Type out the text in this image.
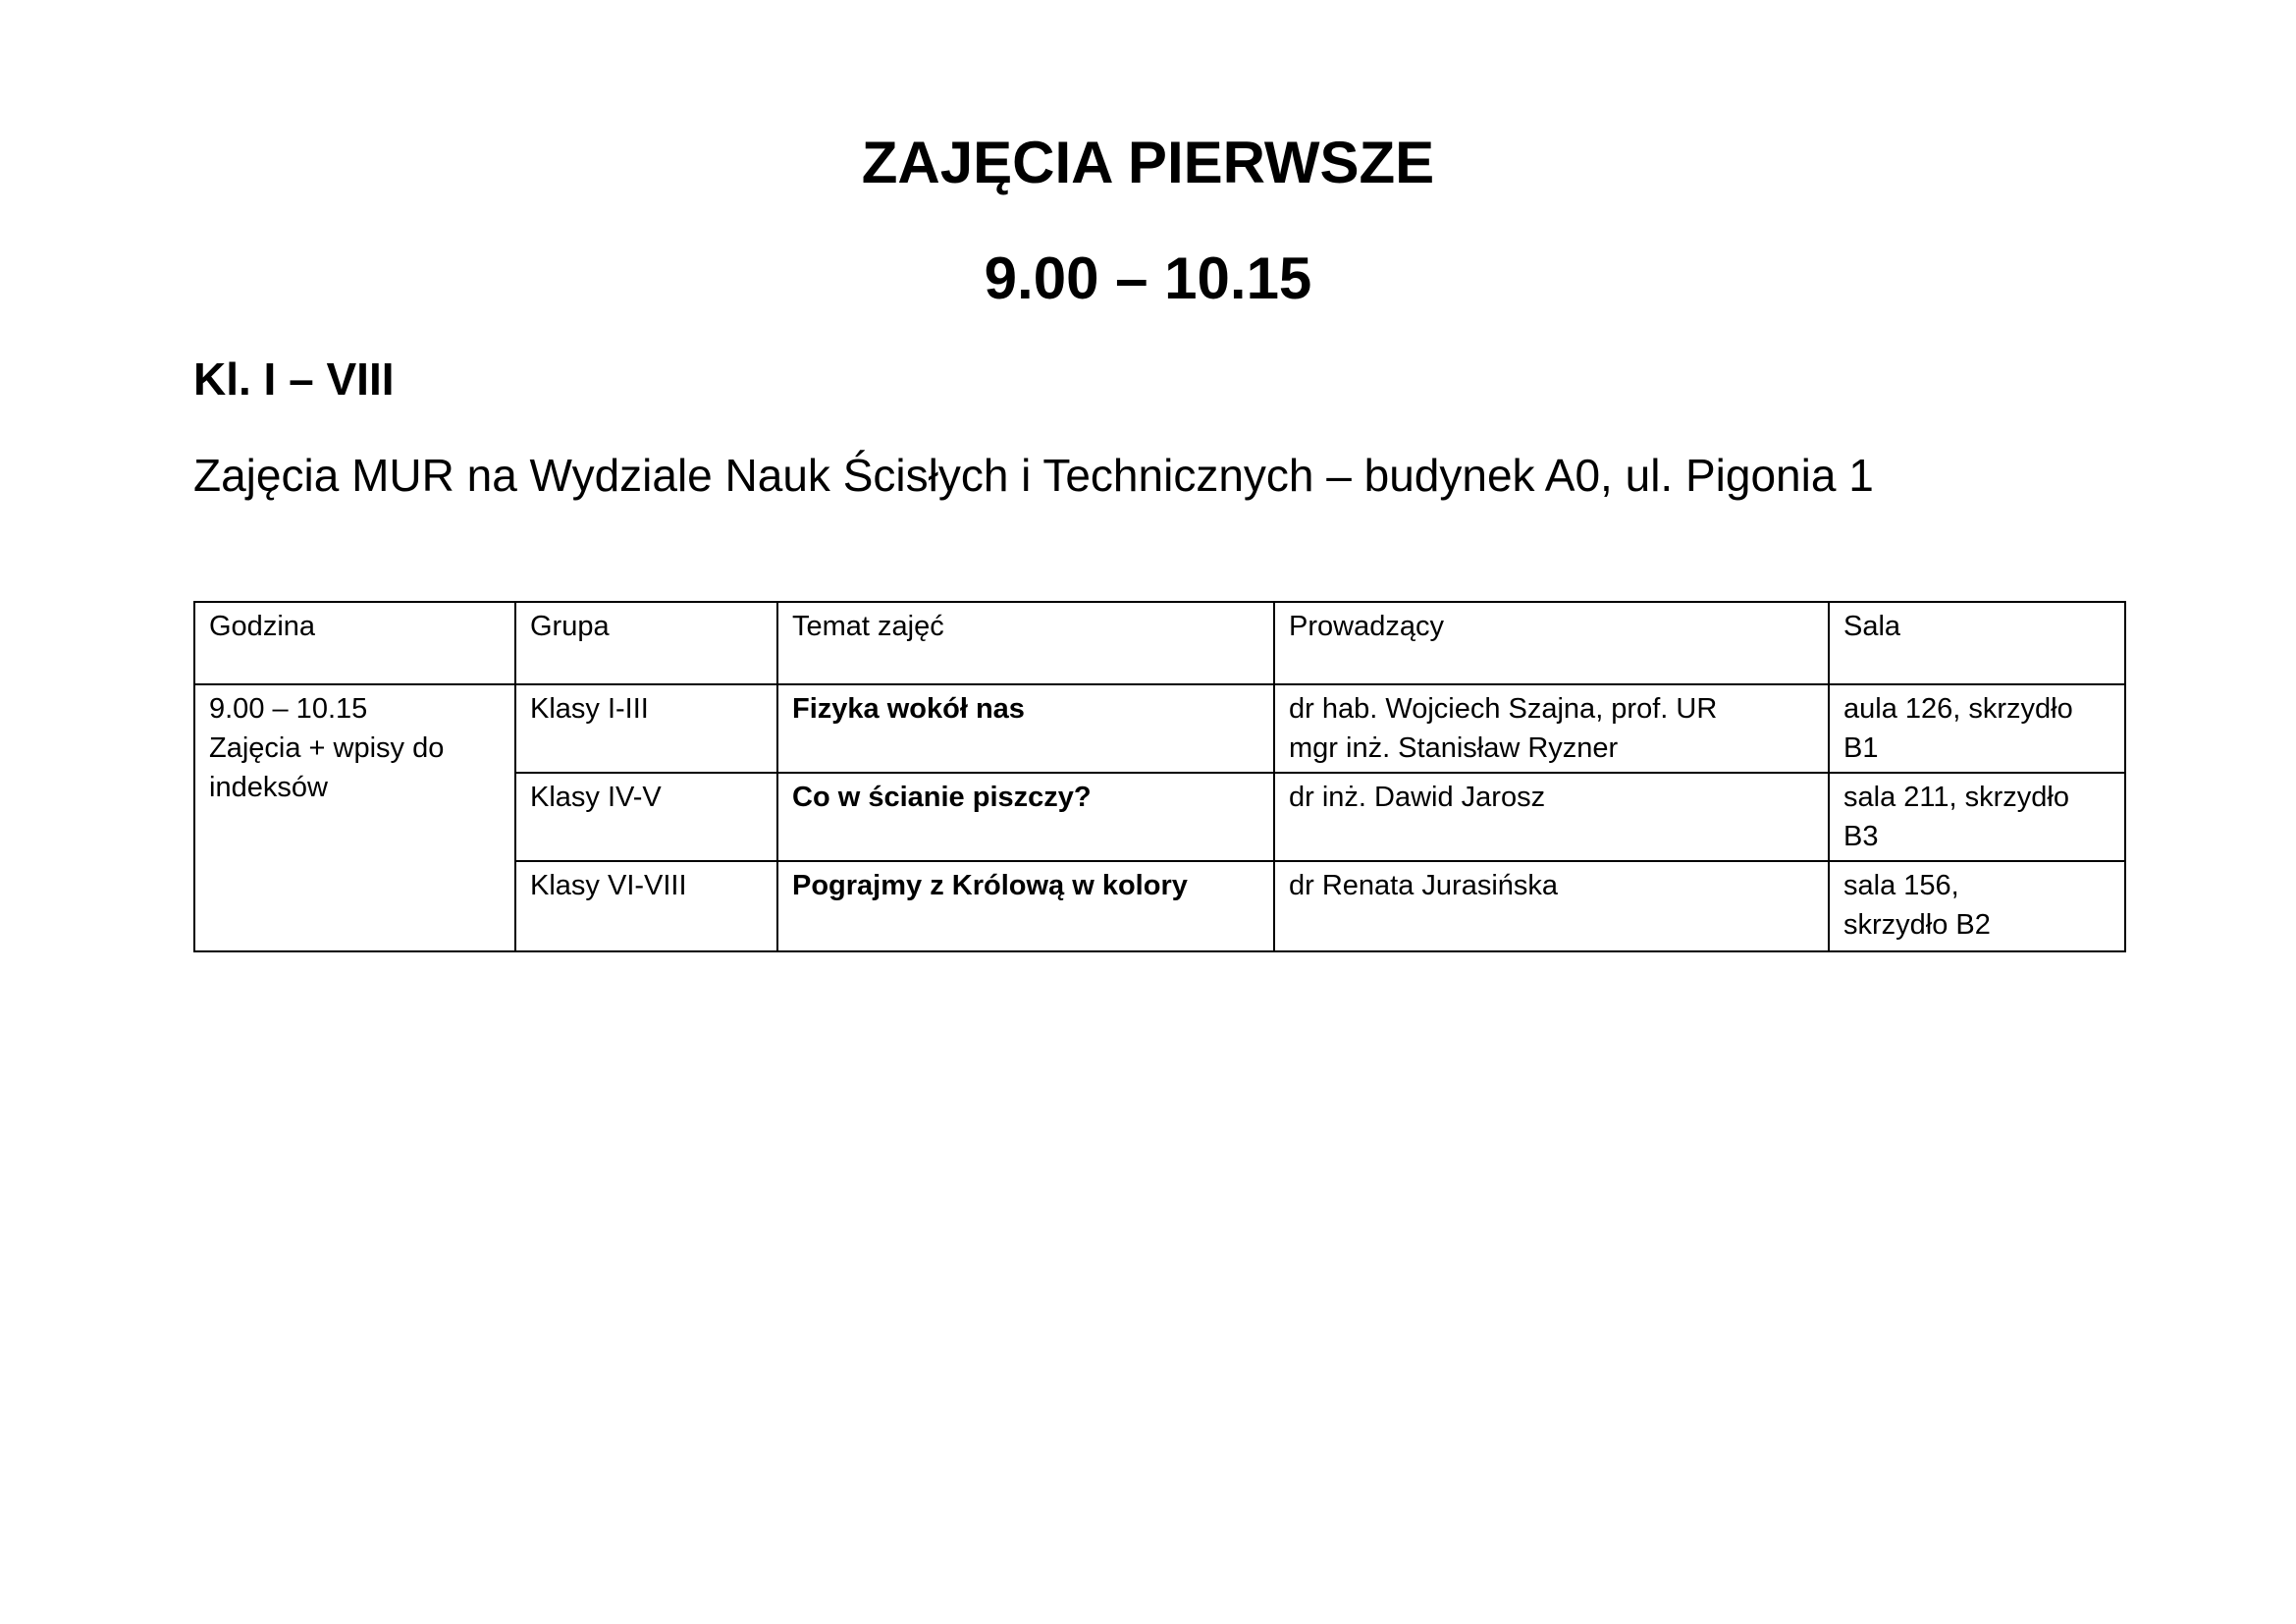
ZAJĘCIA PIERWSZE
9.00 – 10.15
Kl. I – VIII

Zajęcia MUR na Wydziale Nauk Ścisłych i Technicznych – budynek A0, ul. Pigonia 1

Godzina	Grupa	Temat zajęć	Prowadzący	Sala

9.00 – 10.15
Zajęcia + wpisy do
indeksów	Klasy I-III	Fizyka wokół nas	dr hab. Wojciech Szajna, prof. UR
mgr inż. Stanisław Ryzner	aula 126, skrzydło
B1

	Klasy IV-V	Co w ścianie piszczy?	dr inż. Dawid Jarosz	sala 211, skrzydło
B3

	Klasy VI-VIII	Pograjmy z Królową w kolory	dr Renata Jurasińska	sala 156,
skrzydło B2
